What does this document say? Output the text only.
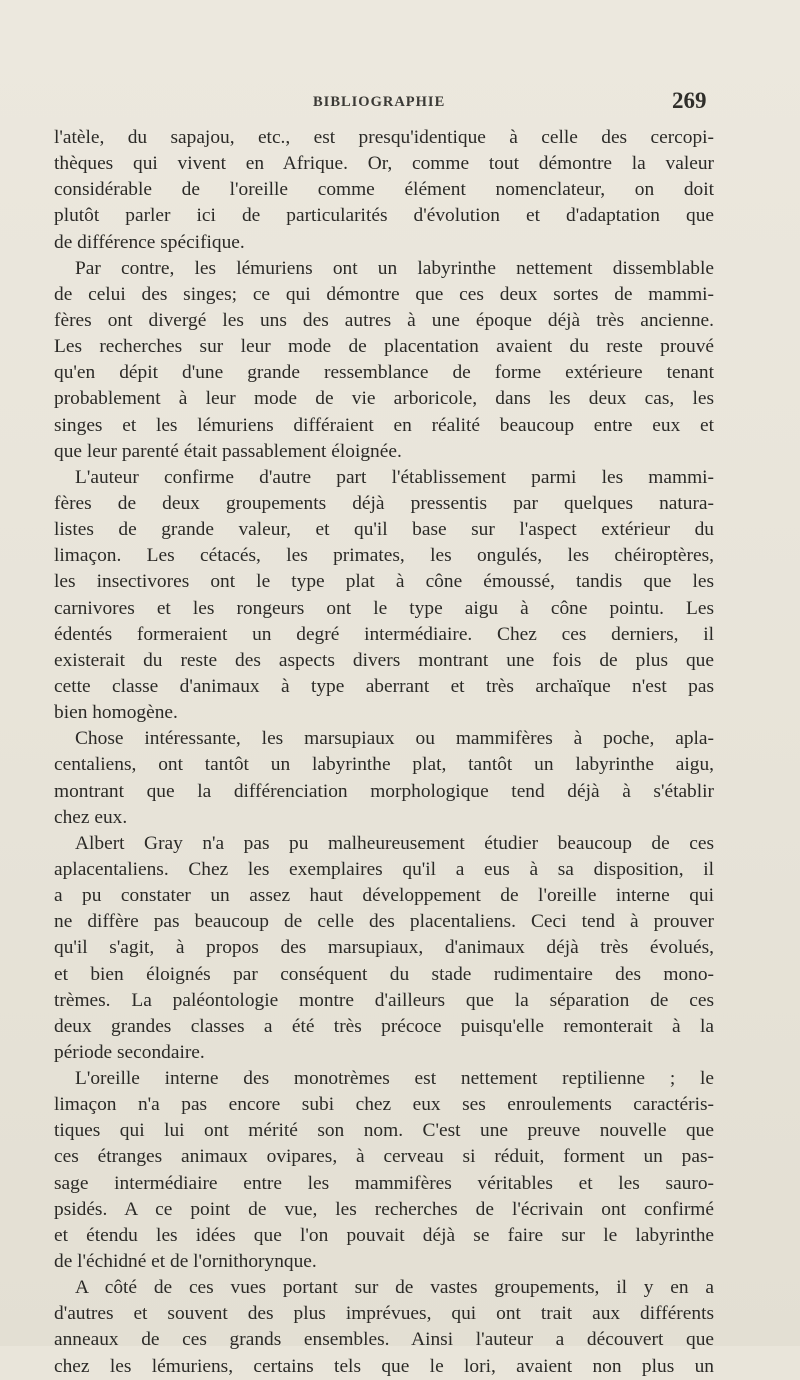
BIBLIOGRAPHIE	269
l'atèle, du sapajou, etc., est presqu'identique à celle des cercopi-
thèques qui vivent en Afrique. Or, comme tout démontre la valeur
considérable de l'oreille comme élément nomenclateur, on doit
plutôt parler ici de particularités d'évolution et d'adaptation que
de différence spécifique.
Par contre, les lémuriens ont un labyrinthe nettement dissemblable
de celui des singes; ce qui démontre que ces deux sortes de mammi-
fères ont divergé les uns des autres à une époque déjà très ancienne.
Les recherches sur leur mode de placentation avaient du reste prouvé
qu'en dépit d'une grande ressemblance de forme extérieure tenant
probablement à leur mode de vie arboricole, dans les deux cas, les
singes et les lémuriens différaient en réalité beaucoup entre eux et
que leur parenté était passablement éloignée.
L'auteur confirme d'autre part l'établissement parmi les mammi-
fères de deux groupements déjà pressentis par quelques natura-
listes de grande valeur, et qu'il base sur l'aspect extérieur du
limaçon. Les cétacés, les primates, les ongulés, les chéiroptères,
les insectivores ont le type plat à cône émoussé, tandis que les
carnivores et les rongeurs ont le type aigu à cône pointu. Les
édentés formeraient un degré intermédiaire. Chez ces derniers, il
existerait du reste des aspects divers montrant une fois de plus que
cette classe d'animaux à type aberrant et très archaïque n'est pas
bien homogène.
Chose intéressante, les marsupiaux ou mammifères à poche, apla-
centaliens, ont tantôt un labyrinthe plat, tantôt un labyrinthe aigu,
montrant que la différenciation morphologique tend déjà à s'établir
chez eux.
Albert Gray n'a pas pu malheureusement étudier beaucoup de ces
aplacentaliens. Chez les exemplaires qu'il a eus à sa disposition, il
a pu constater un assez haut développement de l'oreille interne qui
ne diffère pas beaucoup de celle des placentaliens. Ceci tend à prouver
qu'il s'agit, à propos des marsupiaux, d'animaux déjà très évolués,
et bien éloignés par conséquent du stade rudimentaire des mono-
trèmes. La paléontologie montre d'ailleurs que la séparation de ces
deux grandes classes a été très précoce puisqu'elle remonterait à la
période secondaire.
L'oreille interne des monotrèmes est nettement reptilienne ; le
limaçon n'a pas encore subi chez eux ses enroulements caractéris-
tiques qui lui ont mérité son nom. C'est une preuve nouvelle que
ces étranges animaux ovipares, à cerveau si réduit, forment un pas-
sage intermédiaire entre les mammifères véritables et les sauro-
psidés. A ce point de vue, les recherches de l'écrivain ont confirmé
et étendu les idées que l'on pouvait déjà se faire sur le labyrinthe
de l'échidné et de l'ornithorynque.
A côté de ces vues portant sur de vastes groupements, il y en a
d'autres et souvent des plus imprévues, qui ont trait aux différents
anneaux de ces grands ensembles. Ainsi l'auteur a découvert que
chez les lémuriens, certains tels que le lori, avaient non plus un
